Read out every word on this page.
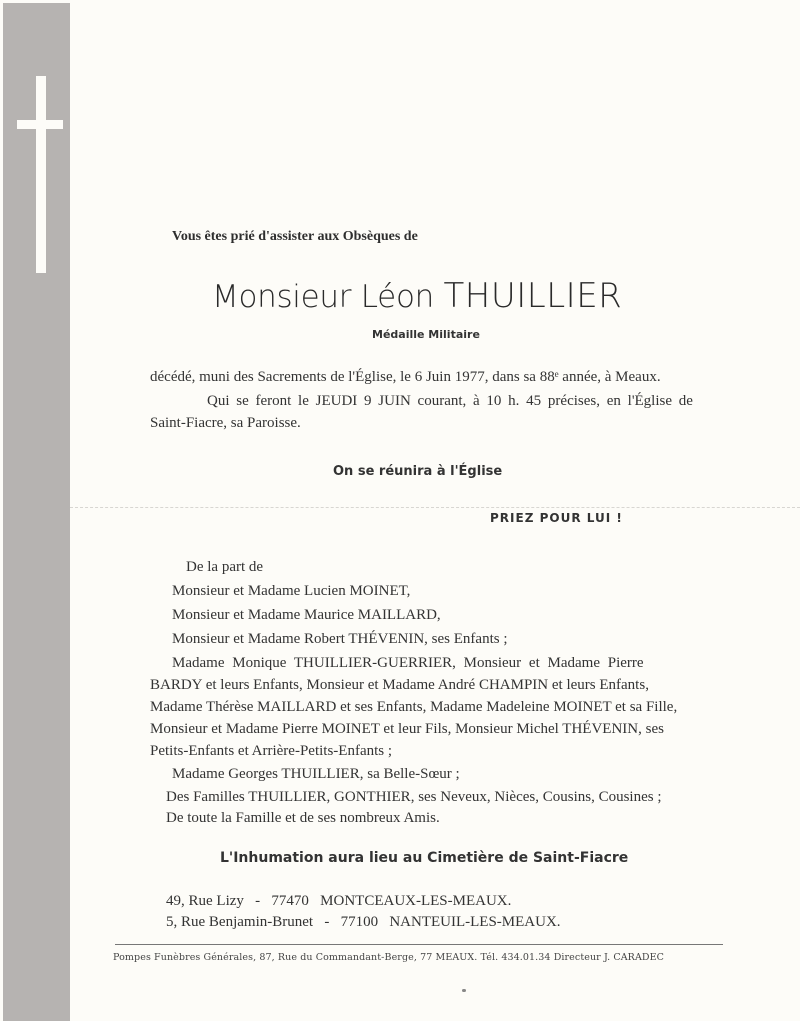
Vous êtes prié d'assister aux Obsèques de
Monsieur Léon THUILLIER
Médaille Militaire
décédé, muni des Sacrements de l'Église, le 6 Juin 1977, dans sa 88ᵉ année, à Meaux.
Qui se feront le JEUDI 9 JUIN courant, à 10 h. 45 précises, en l'Église de
Saint-Fiacre, sa Paroisse.
On se réunira à l'Église
PRIEZ POUR LUI !
De la part de
Monsieur et Madame Lucien MOINET,
Monsieur et Madame Maurice MAILLARD,
Monsieur et Madame Robert THÉVENIN, ses Enfants ;
Madame Monique THUILLIER-GUERRIER, Monsieur et Madame Pierre
BARDY et leurs Enfants, Monsieur et Madame André CHAMPIN et leurs Enfants,
Madame Thérèse MAILLARD et ses Enfants, Madame Madeleine MOINET et sa Fille,
Monsieur et Madame Pierre MOINET et leur Fils, Monsieur Michel THÉVENIN, ses
Petits-Enfants et Arrière-Petits-Enfants ;
Madame Georges THUILLIER, sa Belle-Sœur ;
Des Familles THUILLIER, GONTHIER, ses Neveux, Nièces, Cousins, Cousines ;
De toute la Famille et de ses nombreux Amis.
L'Inhumation aura lieu au Cimetière de Saint-Fiacre
49, Rue Lizy - 77470 MONTCEAUX-LES-MEAUX.
5, Rue Benjamin-Brunet - 77100 NANTEUIL-LES-MEAUX.
Pompes Funèbres Générales, 87, Rue du Commandant-Berge, 77 MEAUX. Tél. 434.01.34 Directeur J. CARADEC
